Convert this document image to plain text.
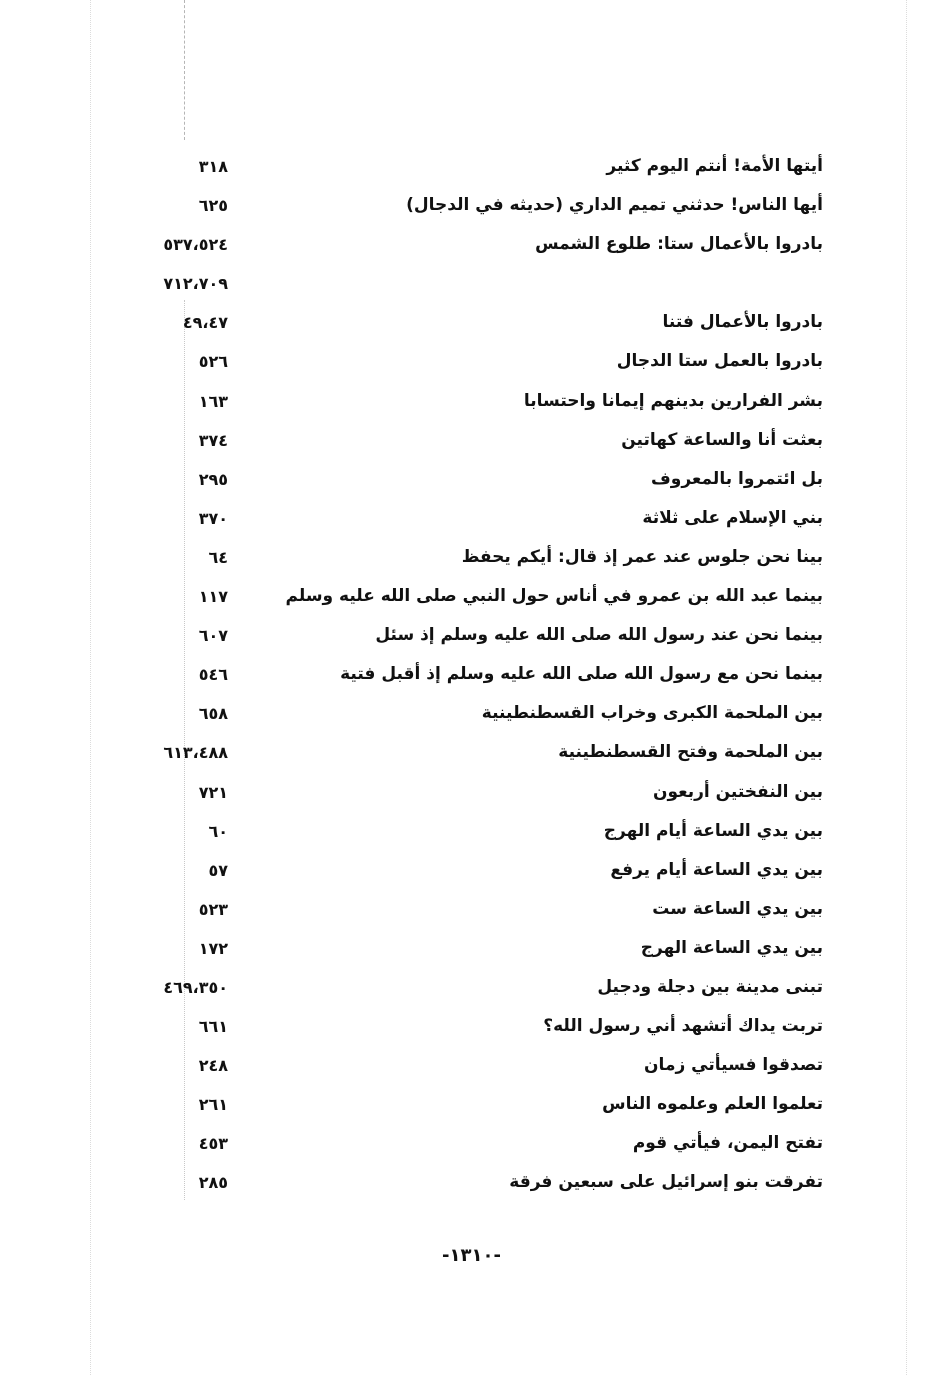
أيتها الأمة! أنتم اليوم كثير
٣١٨
أيها الناس! حدثني تميم الداري (حديثه في الدجال)
٦٢٥
بادروا بالأعمال ستا: طلوع الشمس
٥٣٧،٥٢٤
٧١٢،٧٠٩
بادروا بالأعمال فتنا
٤٩،٤٧
بادروا بالعمل ستا الدجال
٥٢٦
بشر الفرارين بدينهم إيمانا واحتسابا
١٦٣
بعثت أنا والساعة كهاتين
٣٧٤
بل ائتمروا بالمعروف
٢٩٥
بني الإسلام على ثلاثة
٣٧٠
بينا نحن جلوس عند عمر إذ قال: أيكم يحفظ
٦٤
بينما عبد الله بن عمرو في أناس حول النبي صلى الله عليه وسلم
١١٧
بينما نحن عند رسول الله صلى الله عليه وسلم إذ سئل
٦٠٧
بينما نحن مع رسول الله صلى الله عليه وسلم إذ أقبل فتية
٥٤٦
بين الملحمة الكبرى وخراب القسطنطينية
٦٥٨
بين الملحمة وفتح القسطنطينية
٦١٣،٤٨٨
بين النفختين أربعون
٧٢١
بين يدي الساعة أيام الهرج
٦٠
بين يدي الساعة أيام يرفع
٥٧
بين يدي الساعة ست
٥٢٣
بين يدي الساعة الهرج
١٧٢
تبنى مدينة بين دجلة ودجيل
٤٦٩،٣٥٠
تربت يداك أتشهد أني رسول الله؟
٦٦١
تصدقوا فسيأتي زمان
٢٤٨
تعلموا العلم وعلموه الناس
٢٦١
تفتح اليمن، فيأتي قوم
٤٥٣
تفرقت بنو إسرائيل على سبعين فرقة
٢٨٥
-١٣١٠-
